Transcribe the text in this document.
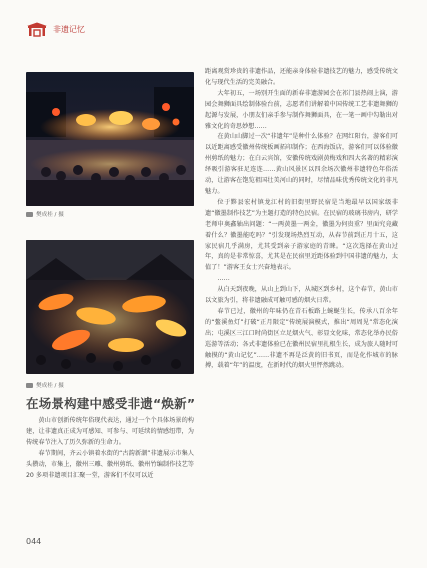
非遗记忆
樊成桂 / 摄
樊成桂 / 摄
在场景构建中感受非遗“焕新”

黄山市创新传统年俗现代表达，通过一个个具体场景的构建，让非遗真正成为可感知、可参与、可延续的情感纽带，为传统春节注入了历久弥新的生命力。

春节期间，齐云小镇着水街的“古韵新潮”非遗展示市集人头攒动，市集上，徽州三雕、徽州剪纸、徽州竹编制作技艺等 20 多项非遗项目汇聚一堂，游客们不仅可以近

距离观赏珍贵的非遗作品，还能亲身体验非遗技艺的魅力，感受传统文化与现代生活的完美融合。

大年初五，一场别开生面的新春非遗游园会在祁门县热闹上演，游园会舞狮面具绘制体验台前，志愿者们讲解着中国传统工艺非遗舞狮的起源与发展，小朋友们亲手参与制作舞狮面具，在一笔一画中勾勒出对雅文化的奇思妙想……

在黄山山脚过一次“非遗年”是种什么体验？在网红阳台，游客们可以近距离感受徽州传统板画拓印制作；在西海饭店，游客们可以体验徽州剪纸的魅力；在白云宾馆，安徽传统戏剧黄梅戏和四大名著的精彩演绎吸引游客驻足连连……黄山风景区以四余场次徽州非遗特色年俗活动，让游客在饱览祖国壮美河山的同时，尽情品味优秀传统文化的非凡魅力。

位于黟县宏村镇龙江村的旧街里野民宿是当地最早以国家级非遗“徽墨制作技艺”为主题打造的特色民宿。在民宿的玻璃书房内，研学老师申奥鑫轴出问题：“一两黄墨一两金，徽墨为何贵重？里面究竟藏着什么？徽墨能吃吗？”引发现场热烈互动，从春节前到正月十五，这家民宿几乎满房，尤其受到亲子游家庭的青睐。“这次选择在黄山过年，真的是非常惊喜，尤其是在民宿里近距体验到中国非遗的魅力，太值了！”游客王女士兴奋地表示。

……

从白天到夜晚，从山上到山下，从城区到乡村，这个春节，黄山市以文旅为引，将非遗融成可触可感的烟火日常。

春节已过，徽州的年味仍在青石板路上蜿蜒生长，传承八百余年的“鳌溪鱼灯”打破“正月限定”传统展演模式，推出“周周见”常态化演出；屯溪区三江口时尚街区立足烟火气、彰显文化味，常态化举办民俗巡游等活动；各式非遗体验已在徽州民宿里扎根生长，成为旅人随时可触摸的“黄山记忆”……非遗不再是泛黄的旧书页，而是化作城市的脉搏，载着“年”的温度，在新时代的烟火里怦然跳动。

044
